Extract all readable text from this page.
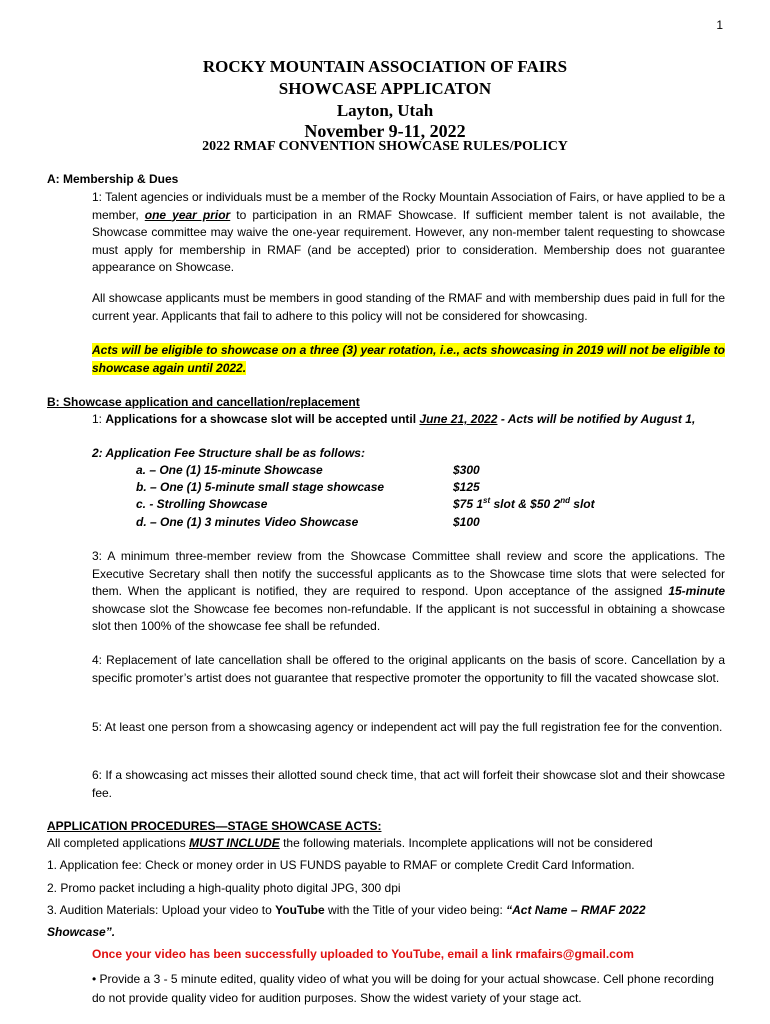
1
ROCKY MOUNTAIN ASSOCIATION OF FAIRS
SHOWCASE APPLICATON
Layton, Utah
November 9-11, 2022
2022 RMAF CONVENTION SHOWCASE RULES/POLICY
A: Membership & Dues
1: Talent agencies or individuals must be a member of the Rocky Mountain Association of Fairs, or have applied to be a member, one year prior to participation in an RMAF Showcase. If sufficient member talent is not available, the Showcase committee may waive the one-year requirement. However, any non-member talent requesting to showcase must apply for membership in RMAF (and be accepted) prior to consideration. Membership does not guarantee appearance on Showcase.
All showcase applicants must be members in good standing of the RMAF and with membership dues paid in full for the current year. Applicants that fail to adhere to this policy will not be considered for showcasing.
Acts will be eligible to showcase on a three (3) year rotation, i.e., acts showcasing in 2019 will not be eligible to showcase again until 2022.
B: Showcase application and cancellation/replacement
1: Applications for a showcase slot will be accepted until June 21, 2022 - Acts will be notified by August 1,
2: Application Fee Structure shall be as follows:
a. – One (1) 15-minute Showcase	$300
b. – One (1) 5-minute small stage showcase	$125
c. - Strolling Showcase	$75 1st slot & $50 2nd slot
d. – One (1) 3 minutes Video Showcase	$100
3: A minimum three-member review from the Showcase Committee shall review and score the applications. The Executive Secretary shall then notify the successful applicants as to the Showcase time slots that were selected for them. When the applicant is notified, they are required to respond. Upon acceptance of the assigned 15-minute showcase slot the Showcase fee becomes non-refundable. If the applicant is not successful in obtaining a showcase slot then 100% of the showcase fee shall be refunded.
4: Replacement of late cancellation shall be offered to the original applicants on the basis of score. Cancellation by a specific promoter’s artist does not guarantee that respective promoter the opportunity to fill the vacated showcase slot.
5: At least one person from a showcasing agency or independent act will pay the full registration fee for the convention.
6: If a showcasing act misses their allotted sound check time, that act will forfeit their showcase slot and their showcase fee.
APPLICATION PROCEDURES—STAGE SHOWCASE ACTS:
All completed applications MUST INCLUDE the following materials. Incomplete applications will not be considered
1. Application fee: Check or money order in US FUNDS payable to RMAF or complete Credit Card Information.
2. Promo packet including a high-quality photo digital JPG, 300 dpi
3. Audition Materials: Upload your video to YouTube with the Title of your video being: “Act Name – RMAF 2022
Showcase”.
Once your video has been successfully uploaded to YouTube, email a link rmafairs@gmail.com
• Provide a 3 - 5 minute edited, quality video of what you will be doing for your actual showcase. Cell phone recording do not provide quality video for audition purposes. Show the widest variety of your stage act.
